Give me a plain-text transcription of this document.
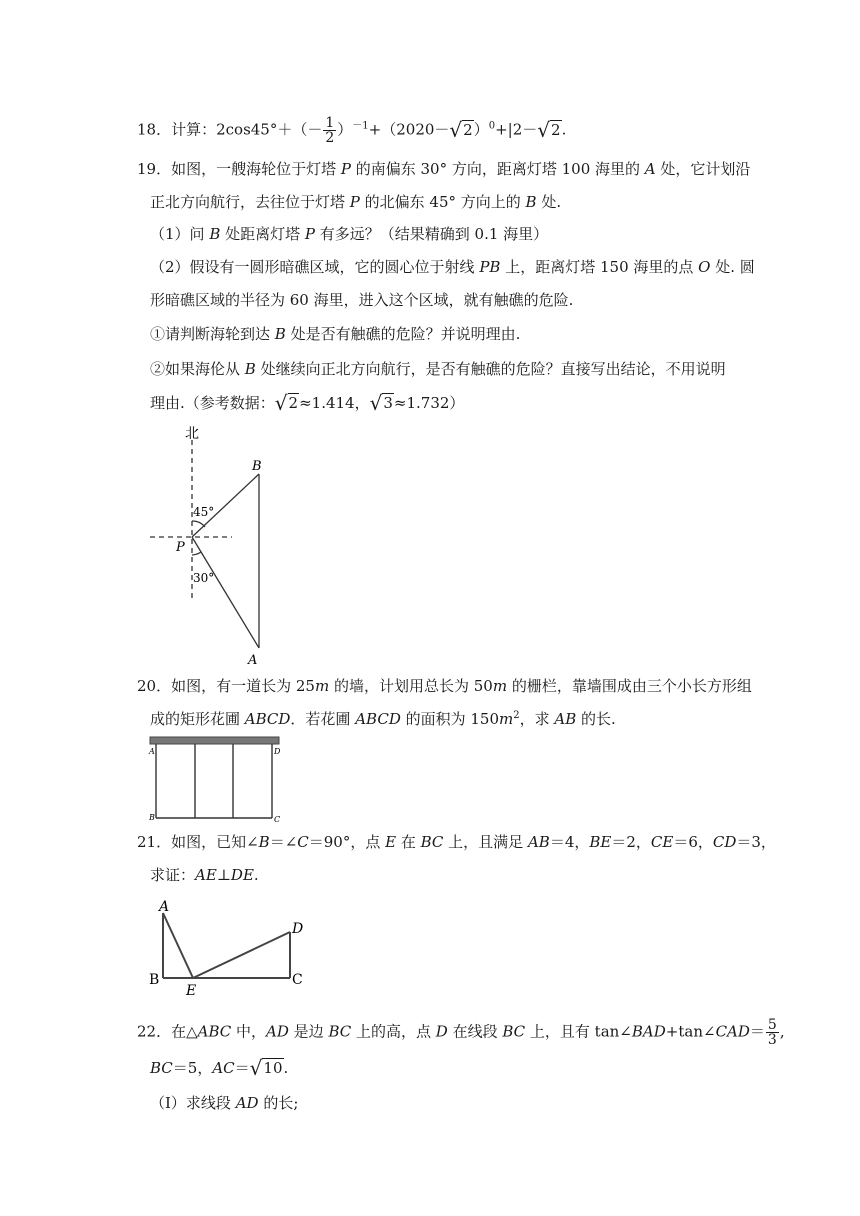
18．计算：$2\cos 45^\circ+(- \frac{1}{2} )^{-1}+(2020-√2)^0+|2-√2$.
19．如图，一艘海轮位于灯塔 P 的南偏东 30° 方向，距离灯塔 100 海里的 A 处，它计划沿
正北方向航行，去往位于灯塔 P 的北偏东 45° 方向上的 B 处.
（1）问 B 处距离灯塔 P 有多远？（结果精确到 0.1 海里）
（2）假设有一圆形暗礁区域，它的圆心位于射线 PB 上，距离灯塔 150 海里的点 O 处. 圆
形暗礁区域的半径为 60 海里，进入这个区域，就有触礁的危险.
①请判断海轮到达 B 处是否有触礁的危险？并说明理由.
②如果海伦从 B 处继续向正北方向航行，是否有触礁的危险？直接写出结论，不用说明
理由.（参考数据：√2≈1.414，√3≈1.732）
北
B
45°
P
30°
A
20．如图，有一道长为 25m 的墙，计划用总长为 50m 的栅栏，靠墙围成由三个小长方形组
成的矩形花圃 ABCD．若花圃 ABCD 的面积为 $150m^2$，求 AB 的长.
A	D
B	C
21．如图，已知∠B＝∠C＝90°，点 E 在 BC 上，且满足 AB＝4，BE＝2，CE＝6，CD＝3，
求证：AE⊥DE.
A
B
E
C
D
22．在△ABC 中，AD 是边 BC 上的高，点 D 在线段 BC 上，且有 tan∠BAD+tan∠CAD＝ $\frac{5}{3}$ ,
BC＝5，AC＝√10.
（Ⅰ）求线段 AD 的长;
